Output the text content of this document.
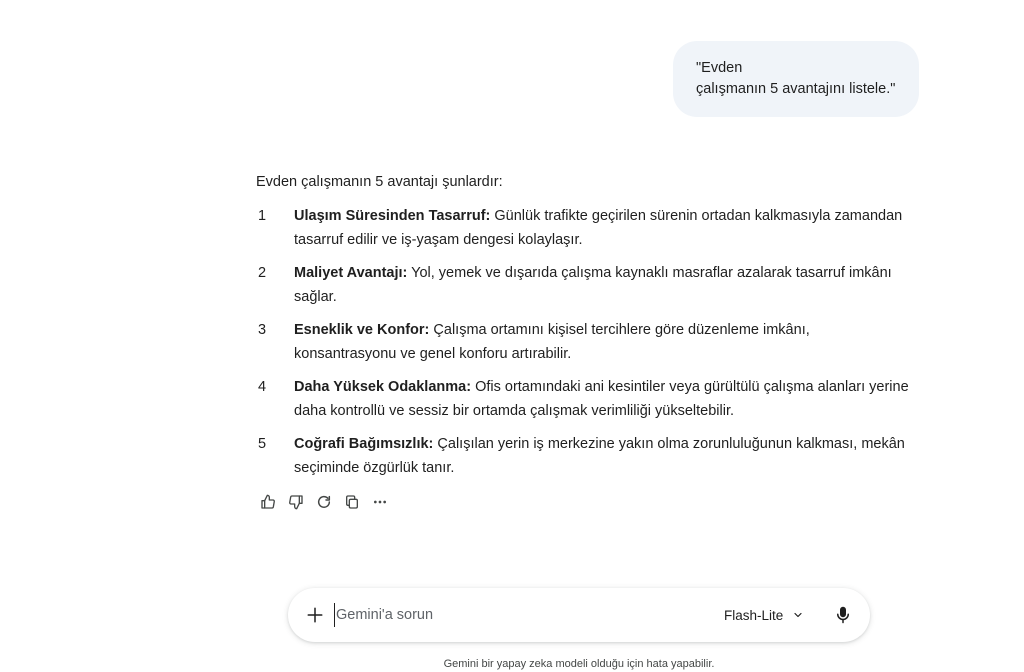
"Evden
çalışmanın 5 avantajını listele."
Evden çalışmanın 5 avantajı şunlardır:
1	Ulaşım Süresinden Tasarruf: Günlük trafikte geçirilen sürenin ortadan kalkmasıyla zamandan tasarruf edilir ve iş-yaşam dengesi kolaylaşır.
2	Maliyet Avantajı: Yol, yemek ve dışarıda çalışma kaynaklı masraflar azalarak tasarruf imkânı sağlar.
3	Esneklik ve Konfor: Çalışma ortamını kişisel tercihlere göre düzenleme imkânı, konsantrasyonu ve genel konforu artırabilir.
4	Daha Yüksek Odaklanma: Ofis ortamındaki ani kesintiler veya gürültülü çalışma alanları yerine daha kontrollü ve sessiz bir ortamda çalışmak verimliliği yükseltebilir.
5	Coğrafi Bağımsızlık: Çalışılan yerin iş merkezine yakın olma zorunluluğunun kalkması, mekân seçiminde özgürlük tanır.
Gemini'a sorun
Flash-Lite
Gemini bir yapay zeka modeli olduğu için hata yapabilir.
